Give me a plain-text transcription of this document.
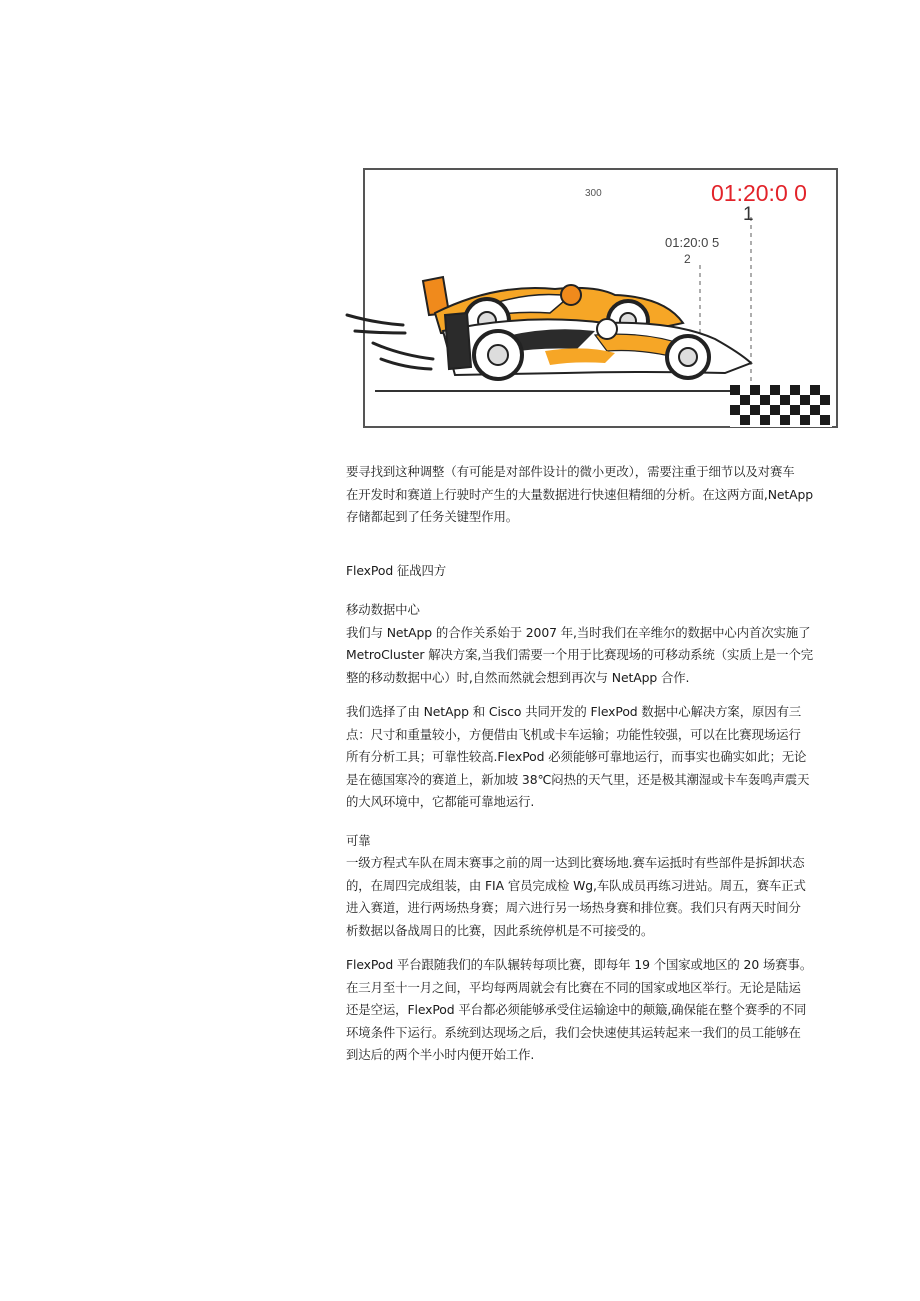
300	01:20:0 0
1
01:20:0 5
2

要寻找到这种调整（有可能是对部件设计的微小更改），需要注重于细节以及对赛车
在开发时和赛道上行驶时产生的大量数据进行快速但精细的分析。在这两方面,NetApp
存储都起到了任务关键型作用。

FlexPod 征战四方

移动数据中心

我们与 NetApp 的合作关系始于 2007 年,当时我们在辛维尔的数据中心内首次实施了
MetroCluster 解决方案,当我们需要一个用于比赛现场的可移动系统（实质上是一个完
整的移动数据中心）时,自然而然就会想到再次与 NetApp 合作.

我们选择了由 NetApp 和 Cisco 共同开发的 FlexPod 数据中心解决方案，原因有三
点：尺寸和重量较小，方便借由飞机或卡车运输；功能性较强，可以在比赛现场运行
所有分析工具；可靠性较高.FlexPod 必须能够可靠地运行，而事实也确实如此；无论
是在德国寒冷的赛道上，新加坡 38℃闷热的天气里，还是极其潮湿或卡车轰鸣声震天
的大风环境中，它都能可靠地运行.

可靠

一级方程式车队在周末赛事之前的周一达到比赛场地.赛车运抵时有些部件是拆卸状态
的，在周四完成组装，由 FIA 官员完成检 Wg,车队成员再练习进站。周五，赛车正式
进入赛道，进行两场热身赛；周六进行另一场热身赛和排位赛。我们只有两天时间分
析数据以备战周日的比赛，因此系统停机是不可接受的。

FlexPod 平台跟随我们的车队辗转每项比赛，即每年 19 个国家或地区的 20 场赛事。
在三月至十一月之间，平均每两周就会有比赛在不同的国家或地区举行。无论是陆运
还是空运，FlexPod 平台都必须能够承受住运输途中的颠簸,确保能在整个赛季的不同
环境条件下运行。系统到达现场之后，我们会快速使其运转起来一我们的员工能够在
到达后的两个半小时内便开始工作.
